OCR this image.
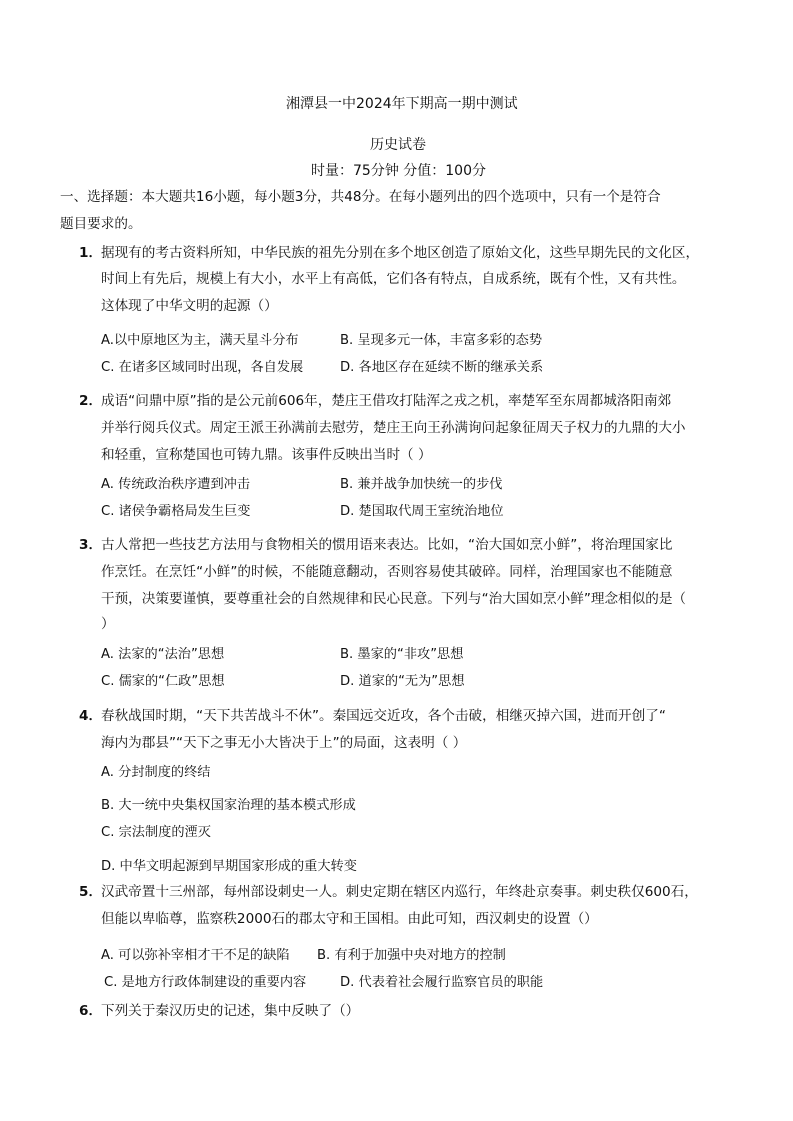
湘潭县一中2024年下期高一期中测试
历史试卷
时量：75分钟 分值：100分
一、选择题：本大题共16小题，每小题3分，共48分。在每小题列出的四个选项中，只有一个是符合
题目要求的。
1．
据现有的考古资料所知，中华民族的祖先分别在多个地区创造了原始文化，这些早期先民的文化区，
时间上有先后，规模上有大小，水平上有高低，它们各有特点，自成系统，既有个性，又有共性。
这体现了中华文明的起源（）
A.以中原地区为主，满天星斗分布	B. 呈现多元一体，丰富多彩的态势
C. 在诸多区域同时出现，各自发展	D. 各地区存在延续不断的继承关系
2．
成语“问鼎中原”指的是公元前606年，楚庄王借攻打陆浑之戎之机，率楚军至东周都城洛阳南郊
并举行阅兵仪式。周定王派王孙满前去慰劳，楚庄王向王孙满询问起象征周天子权力的九鼎的大小
和轻重，宣称楚国也可铸九鼎。该事件反映出当时（ ）
A. 传统政治秩序遭到冲击	B. 兼并战争加快统一的步伐
C. 诸侯争霸格局发生巨变	D. 楚国取代周王室统治地位
3．
古人常把一些技艺方法用与食物相关的惯用语来表达。比如，“治大国如烹小鲜”，将治理国家比
作烹饪。在烹饪“小鲜”的时候，不能随意翻动，否则容易使其破碎。同样，治理国家也不能随意
干预，决策要谨慎，要尊重社会的自然规律和民心民意。下列与“治大国如烹小鲜”理念相似的是（
）
A. 法家的“法治”思想	B. 墨家的“非攻”思想
C. 儒家的“仁政”思想	D. 道家的“无为”思想
4．
春秋战国时期，“天下共苦战斗不休”。秦国远交近攻，各个击破，相继灭掉六国，进而开创了“
海内为郡县”“天下之事无小大皆决于上”的局面，这表明（ ）
A. 分封制度的终结
B. 大一统中央集权国家治理的基本模式形成
C. 宗法制度的湮灭
D. 中华文明起源到早期国家形成的重大转变
5．
汉武帝置十三州部，每州部设刺史一人。刺史定期在辖区内巡行，年终赴京奏事。刺史秩仅600石，
但能以卑临尊，监察秩2000石的郡太守和王国相。由此可知，西汉刺史的设置（）
A. 可以弥补宰相才干不足的缺陷 B. 有利于加强中央对地方的控制
C. 是地方行政体制建设的重要内容	D. 代表着社会履行监察官员的职能
6．
下列关于秦汉历史的记述，集中反映了（）
